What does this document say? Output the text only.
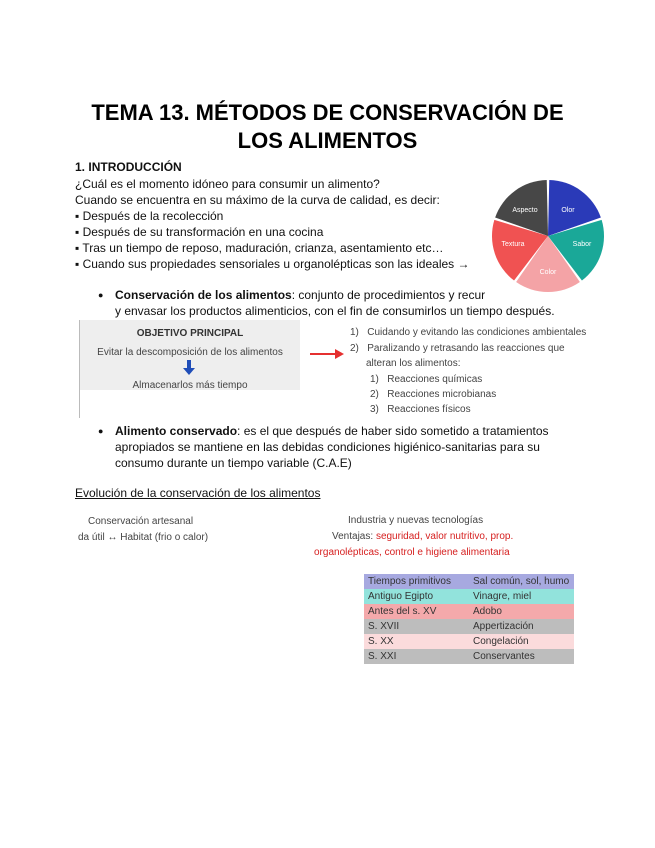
TEMA 13. MÉTODOS DE CONSERVACIÓN DE
LOS ALIMENTOS
1. INTRODUCCIÓN
¿Cuál es el momento idóneo para consumir un alimento?
Cuando se encuentra en su máximo de la curva de calidad, es decir:
▪ Después de la recolección
▪ Después de su transformación en una cocina
▪ Tras un tiempo de reposo, maduración, crianza, asentamiento etc…
▪ Cuando sus propiedades sensoriales u organolépticas son las ideales →
Olor
Sabor
Color
Textura
Aspecto
● Conservación de los alimentos: conjunto de procedimientos y recur
y envasar los productos alimenticios, con el fin de consumirlos un tiempo después.
OBJETIVO PRINCIPAL
Evitar la descomposición de los alimentos
Almacenarlos más tiempo
1) Cuidando y evitando las condiciones ambientales
2) Paralizando y retrasando las reacciones que
alteran los alimentos:
1) Reacciones químicas
2) Reacciones microbianas
3) Reacciones físicos
● Alimento conservado: es el que después de haber sido sometido a tratamientos
apropiados se mantiene en las debidas condiciones higiénico-sanitarias para su
consumo durante un tiempo variable (C.A.E)
Evolución de la conservación de los alimentos
Conservación artesanal
da útil ↔ Habitat (frio o calor)
Industria y nuevas tecnologías
Ventajas: seguridad, valor nutritivo, prop.
organolépticas, control e higiene alimentaria
Tiempos primitivos	Sal común, sol, humo
Antiguo Egipto	Vinagre, miel
Antes del s. XV	Adobo
S. XVII	Appertización
S. XX	Congelación
S. XXI	Conservantes
